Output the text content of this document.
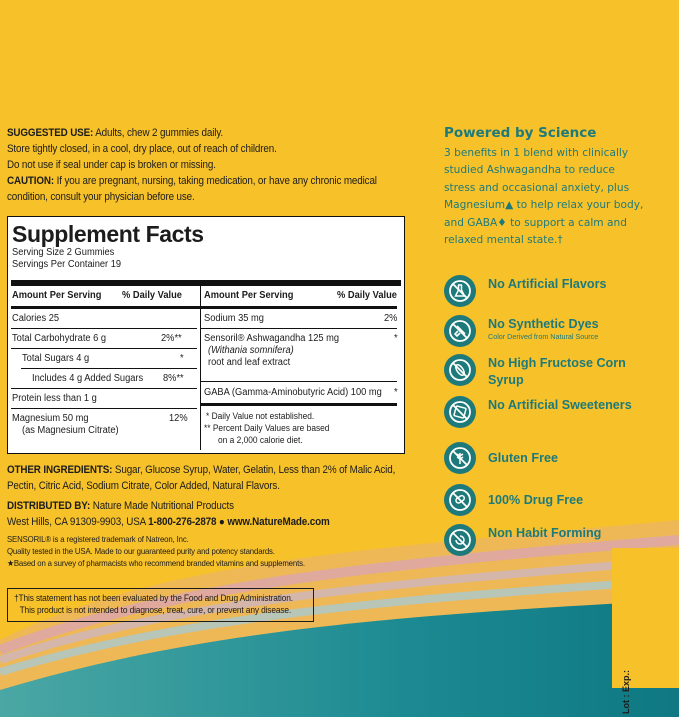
SUGGESTED USE: Adults, chew 2 gummies daily.
Store tightly closed, in a cool, dry place, out of reach of children.
Do not use if seal under cap is broken or missing.
CAUTION: If you are pregnant, nursing, taking medication, or have any chronic medical
condition, consult your physician before use.
Supplement Facts
Serving Size 2 Gummies
Servings Per Container 19
Amount Per Serving % Daily Value Amount Per Serving	% Daily Value
Calories 25
Total Carbohydrate 6 g	2%**
Total Sugars 4 g	*
Includes 4 g Added Sugars 8%**
Protein less than 1 g
Magnesium 50 mg	12%
(as Magnesium Citrate)
Sodium 35 mg	2%
Sensoril® Ashwagandha 125 mg	*
(Withania somnifera)
root and leaf extract
GABA (Gamma-Aminobutyric Acid) 100 mg *
* Daily Value not established.
** Percent Daily Values are based
on a 2,000 calorie diet.
OTHER INGREDIENTS: Sugar, Glucose Syrup, Water, Gelatin, Less than 2% of Malic Acid,
Pectin, Citric Acid, Sodium Citrate, Color Added, Natural Flavors.
DISTRIBUTED BY: Nature Made Nutritional Products
West Hills, CA 91309-9903, USA 1-800-276-2878 ● www.NatureMade.com
SENSORIL® is a registered trademark of Natreon, Inc.
Quality tested in the USA. Made to our guaranteed purity and potency standards.
★Based on a survey of pharmacists who recommend branded vitamins and supplements.
†This statement has not been evaluated by the Food and Drug Administration.
This product is not intended to diagnose, treat, cure, or prevent any disease.
Powered by Science
3 benefits in 1 blend with clinically studied Ashwagandha to reduce stress and occasional anxiety, plus Magnesium▲ to help relax your body, and GABA♦ to support a calm and relaxed mental state.†
No Artificial Flavors
No Synthetic Dyes
Color Derived from Natural Source
No High Fructose Corn Syrup
No Artificial Sweeteners
Gluten Free
100% Drug Free
Non Habit Forming
Lot : Exp.:
